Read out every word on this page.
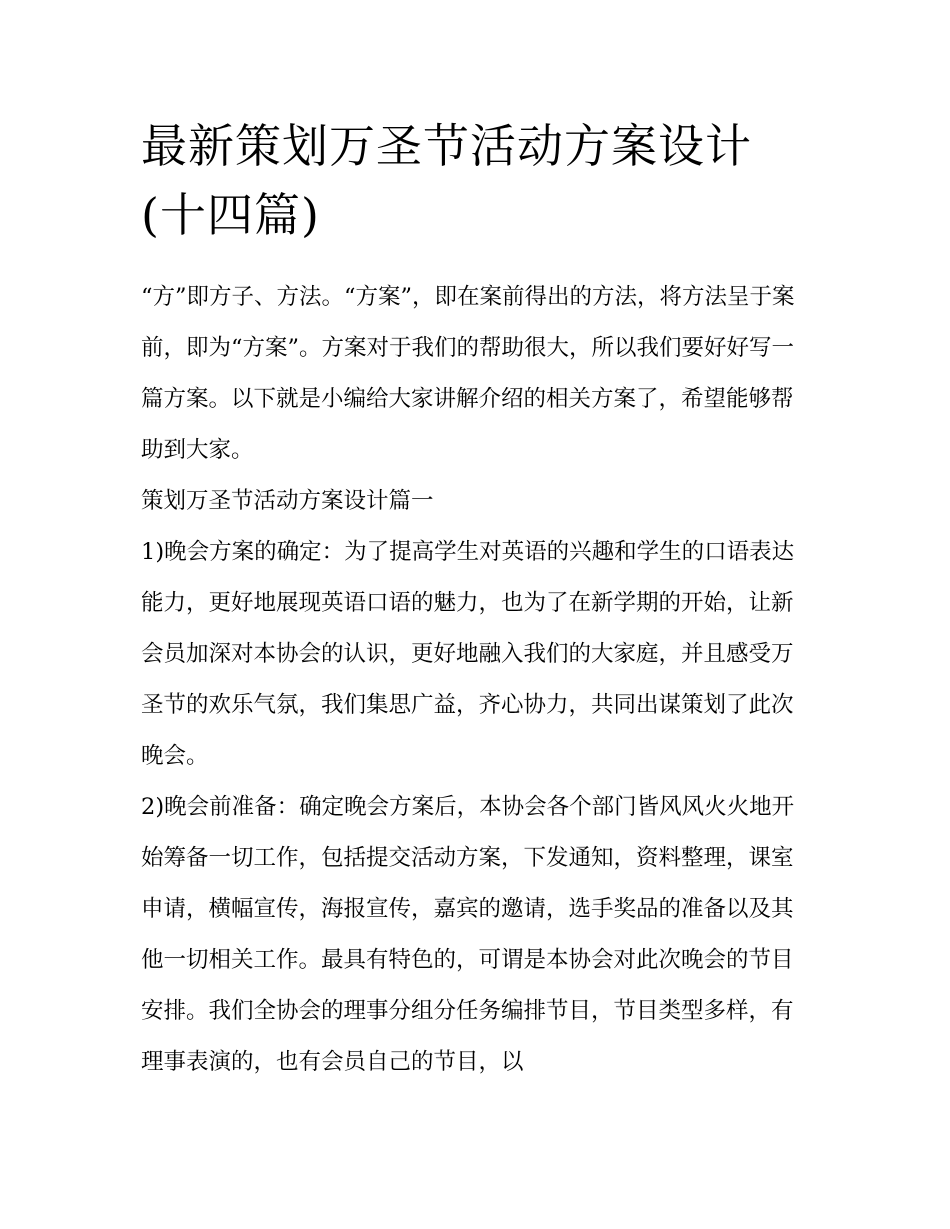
最新策划万圣节活动方案设计(十四篇)

“方”即方子、方法。“方案”，即在案前得出的方法，将方法呈于案前，即为“方案”。方案对于我们的帮助很大，所以我们要好好写一篇方案。以下就是小编给大家讲解介绍的相关方案了，希望能够帮助到大家。

策划万圣节活动方案设计篇一

1)晚会方案的确定：为了提高学生对英语的兴趣和学生的口语表达能力，更好地展现英语口语的魅力，也为了在新学期的开始，让新会员加深对本协会的认识，更好地融入我们的大家庭，并且感受万圣节的欢乐气氛，我们集思广益，齐心协力，共同出谋策划了此次晚会。

2)晚会前准备：确定晚会方案后，本协会各个部门皆风风火火地开始筹备一切工作，包括提交活动方案，下发通知，资料整理，课室申请，横幅宣传，海报宣传，嘉宾的邀请，选手奖品的准备以及其他一切相关工作。最具有特色的，可谓是本协会对此次晚会的节目安排。我们全协会的理事分组分任务编排节目，节目类型多样，有理事表演的，也有会员自己的节目，以
